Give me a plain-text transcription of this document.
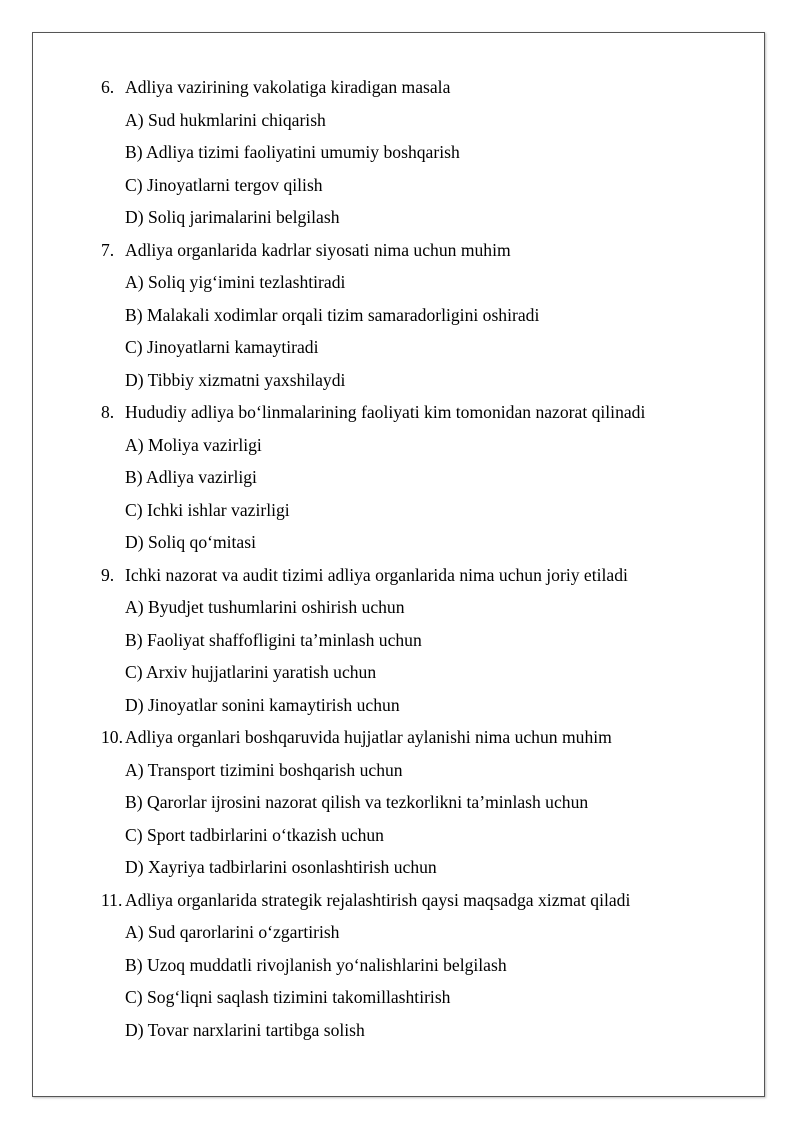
6. Adliya vazirining vakolatiga kiradigan masala
A) Sud hukmlarini chiqarish
B) Adliya tizimi faoliyatini umumiy boshqarish
C) Jinoyatlarni tergov qilish
D) Soliq jarimalarini belgilash
7. Adliya organlarida kadrlar siyosati nima uchun muhim
A) Soliq yig‘imini tezlashtiradi
B) Malakali xodimlar orqali tizim samaradorligini oshiradi
C) Jinoyatlarni kamaytiradi
D) Tibbiy xizmatni yaxshilaydi
8. Hududiy adliya bo‘linmalarining faoliyati kim tomonidan nazorat qilinadi
A) Moliya vazirligi
B) Adliya vazirligi
C) Ichki ishlar vazirligi
D) Soliq qo‘mitasi
9. Ichki nazorat va audit tizimi adliya organlarida nima uchun joriy etiladi
A) Byudjet tushumlarini oshirish uchun
B) Faoliyat shaffofligini ta’minlash uchun
C) Arxiv hujjatlarini yaratish uchun
D) Jinoyatlar sonini kamaytirish uchun
10. Adliya organlari boshqaruvida hujjatlar aylanishi nima uchun muhim
A) Transport tizimini boshqarish uchun
B) Qarorlar ijrosini nazorat qilish va tezkorlikni ta’minlash uchun
C) Sport tadbirlarini o‘tkazish uchun
D) Xayriya tadbirlarini osonlashtirish uchun
11. Adliya organlarida strategik rejalashtirish qaysi maqsadga xizmat qiladi
A) Sud qarorlarini o‘zgartirish
B) Uzoq muddatli rivojlanish yo‘nalishlarini belgilash
C) Sog‘liqni saqlash tizimini takomillashtirish
D) Tovar narxlarini tartibga solish
